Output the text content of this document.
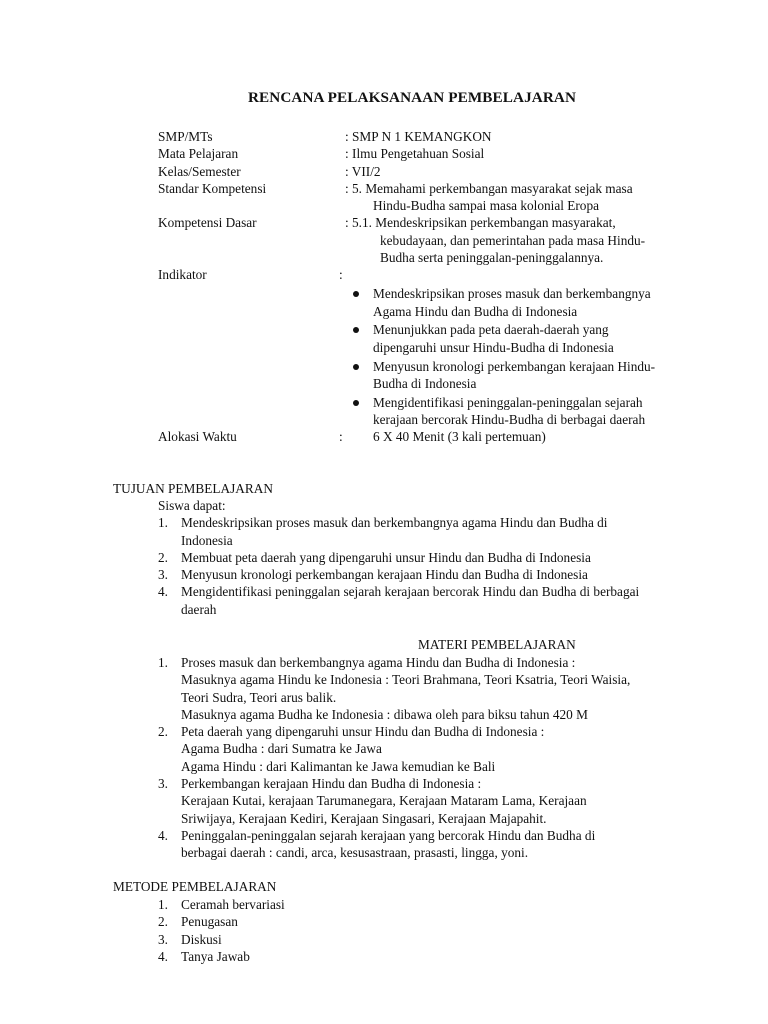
RENCANA PELAKSANAAN PEMBELAJARAN
SMP/MTs	: SMP N 1 KEMANGKON
Mata Pelajaran	: Ilmu Pengetahuan Sosial
Kelas/Semester	: VII/2
Standar Kompetensi	: 5. Memahami perkembangan masyarakat sejak masa
Hindu-Budha sampai masa kolonial Eropa
Kompetensi Dasar	: 5.1. Mendeskripsikan perkembangan masyarakat,
kebudayaan, dan pemerintahan pada masa Hindu-
Budha serta peninggalan-peninggalannya.
Indikator	:
Mendeskripsikan proses masuk dan berkembangnya
Agama Hindu dan Budha di Indonesia
Menunjukkan pada peta daerah-daerah yang
dipengaruhi unsur Hindu-Budha di Indonesia
Menyusun kronologi perkembangan kerajaan Hindu-
Budha di Indonesia
Mengidentifikasi peninggalan-peninggalan sejarah
kerajaan bercorak Hindu-Budha di berbagai daerah
Alokasi Waktu	: 6 X 40 Menit (3 kali pertemuan)
TUJUAN PEMBELAJARAN
Siswa dapat:
1. Mendeskripsikan proses masuk dan berkembangnya agama Hindu dan Budha di
Indonesia
2. Membuat peta daerah yang dipengaruhi unsur Hindu dan Budha di Indonesia
3. Menyusun kronologi perkembangan kerajaan Hindu dan Budha di Indonesia
4. Mengidentifikasi peninggalan sejarah kerajaan bercorak Hindu dan Budha di berbagai
daerah
MATERI PEMBELAJARAN
1. Proses masuk dan berkembangnya agama Hindu dan Budha di Indonesia :
Masuknya agama Hindu ke Indonesia : Teori Brahmana, Teori Ksatria, Teori Waisia,
Teori Sudra, Teori arus balik.
Masuknya agama Budha ke Indonesia : dibawa oleh para biksu tahun 420 M
2. Peta daerah yang dipengaruhi unsur Hindu dan Budha di Indonesia :
Agama Budha : dari Sumatra ke Jawa
Agama Hindu : dari Kalimantan ke Jawa kemudian ke Bali
3. Perkembangan kerajaan Hindu dan Budha di Indonesia :
Kerajaan Kutai, kerajaan Tarumanegara, Kerajaan Mataram Lama, Kerajaan
Sriwijaya, Kerajaan Kediri, Kerajaan Singasari, Kerajaan Majapahit.
4. Peninggalan-peninggalan sejarah kerajaan yang bercorak Hindu dan Budha di
berbagai daerah : candi, arca, kesusastraan, prasasti, lingga, yoni.
METODE PEMBELAJARAN
1. Ceramah bervariasi
2. Penugasan
3. Diskusi
4. Tanya Jawab
